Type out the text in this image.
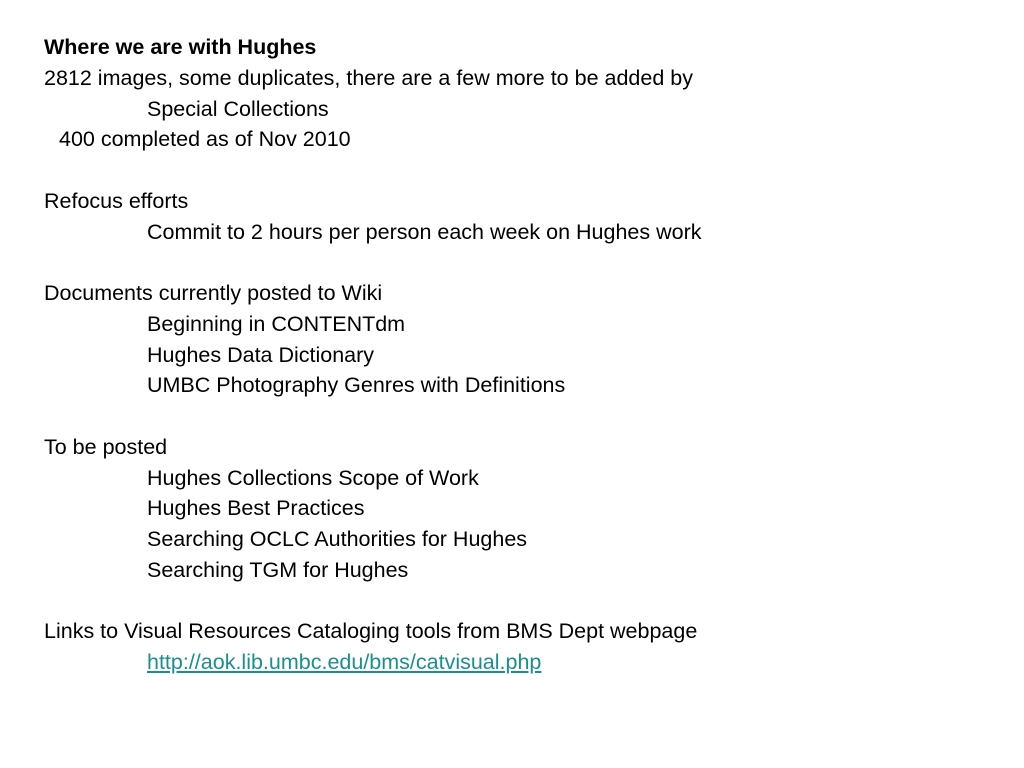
Where we are with Hughes
2812 images, some duplicates, there are a few more to be added by
Special Collections
400 completed as of Nov 2010
Refocus efforts
Commit to 2 hours per person each week on Hughes work
Documents currently posted to Wiki
Beginning in CONTENTdm
Hughes Data Dictionary
UMBC Photography Genres with Definitions
To be posted
Hughes Collections Scope of Work
Hughes Best Practices
Searching OCLC Authorities for Hughes
Searching TGM for Hughes
Links to Visual Resources Cataloging tools from BMS Dept webpage
http://aok.lib.umbc.edu/bms/catvisual.php
